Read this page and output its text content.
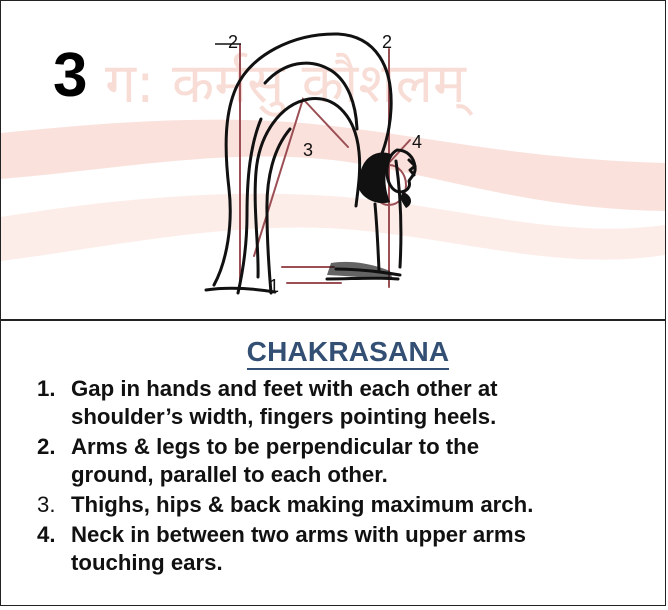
3 ग: कर्मसु कौशलम्
2	2
3	4
1
CHAKRASANA
1. Gap in hands and feet with each other at
shoulder’s width, fingers pointing heels.
2. Arms & legs to be perpendicular to the
ground, parallel to each other.
3. Thighs, hips & back making maximum arch.
4. Neck in between two arms with upper arms
touching ears.
